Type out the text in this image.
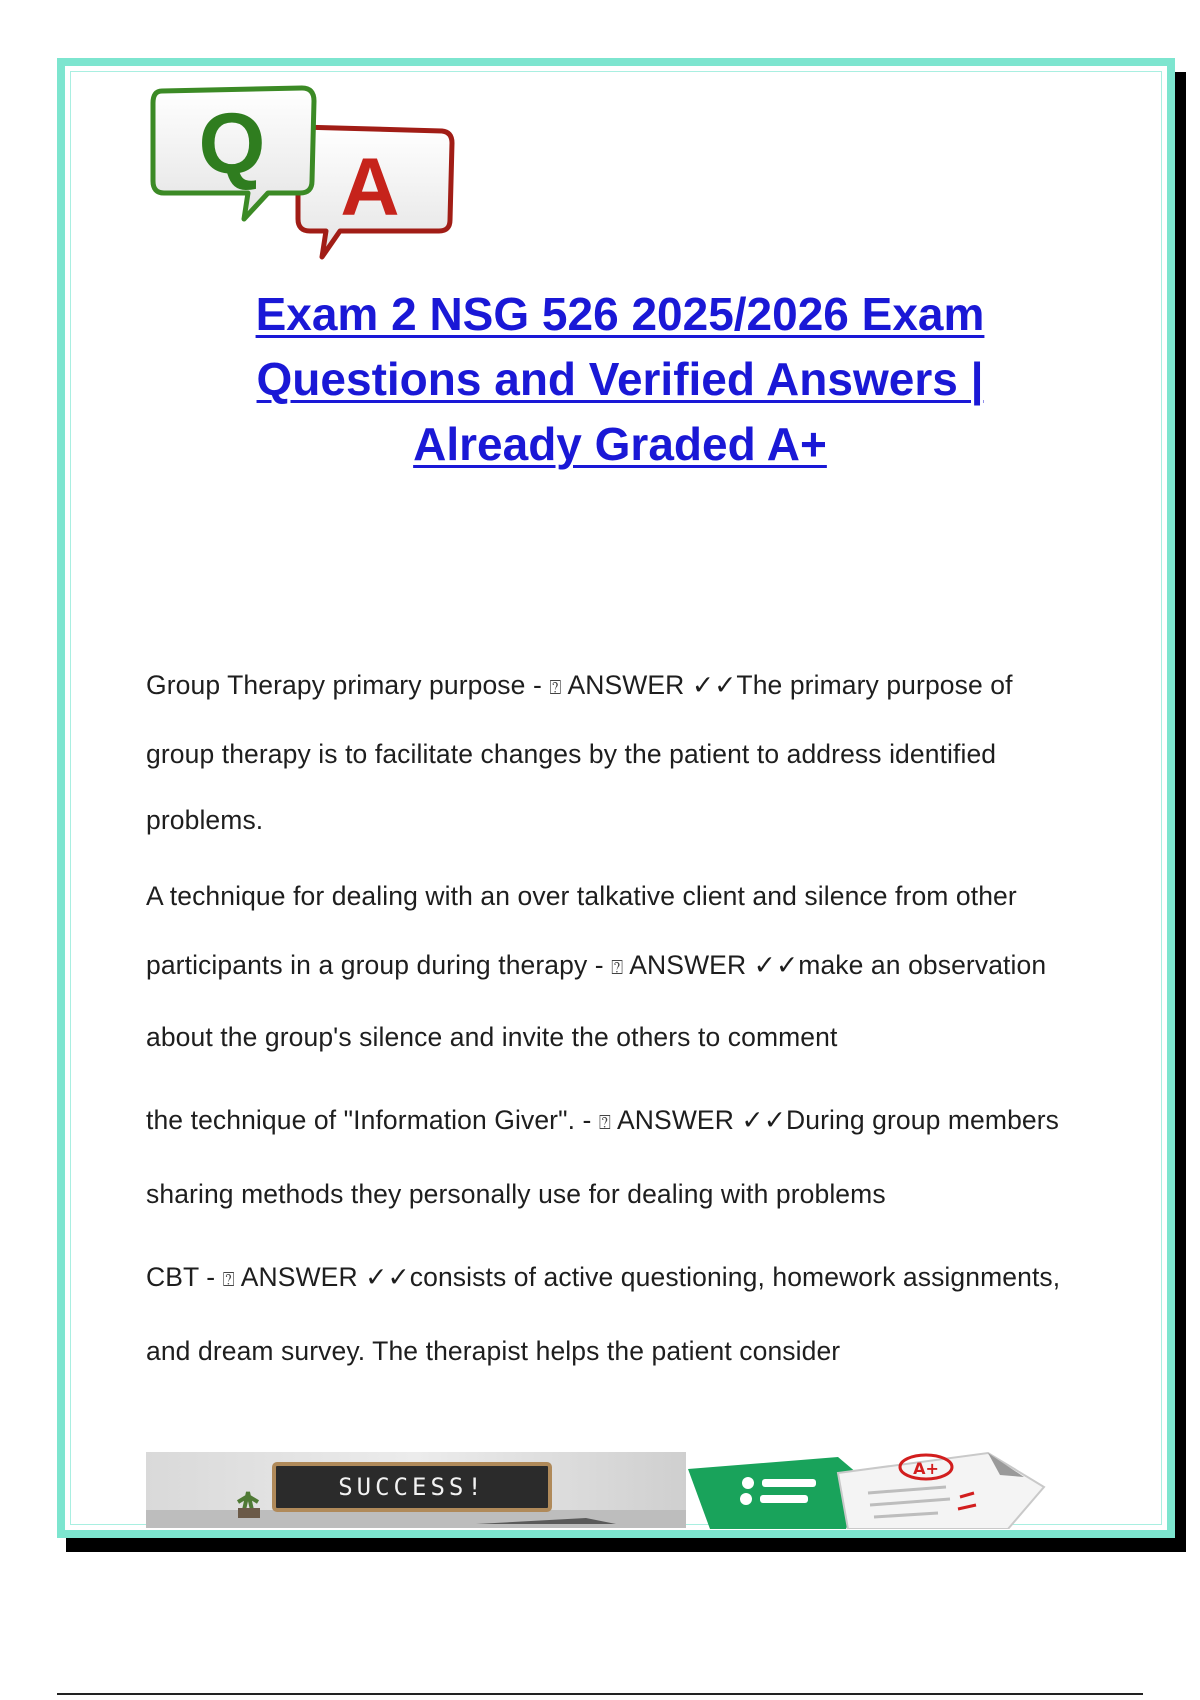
A
Q
Exam 2 NSG 526 2025/2026 Exam
Questions and Verified Answers |
Already Graded A+

Group Therapy primary purpose - ⍰ ANSWER ✓✓The primary purpose of group therapy is to facilitate changes by the patient to address identified problems.

A technique for dealing with an over talkative client and silence from other participants in a group during therapy - ⍰ ANSWER ✓✓make an observation about the group's silence and invite the others to comment

the technique of "Information Giver". - ⍰ ANSWER ✓✓During group members sharing methods they personally use for dealing with problems

CBT - ⍰ ANSWER ✓✓consists of active questioning, homework assignments, and dream survey. The therapist helps the patient consider

SUCCESS!
A+
